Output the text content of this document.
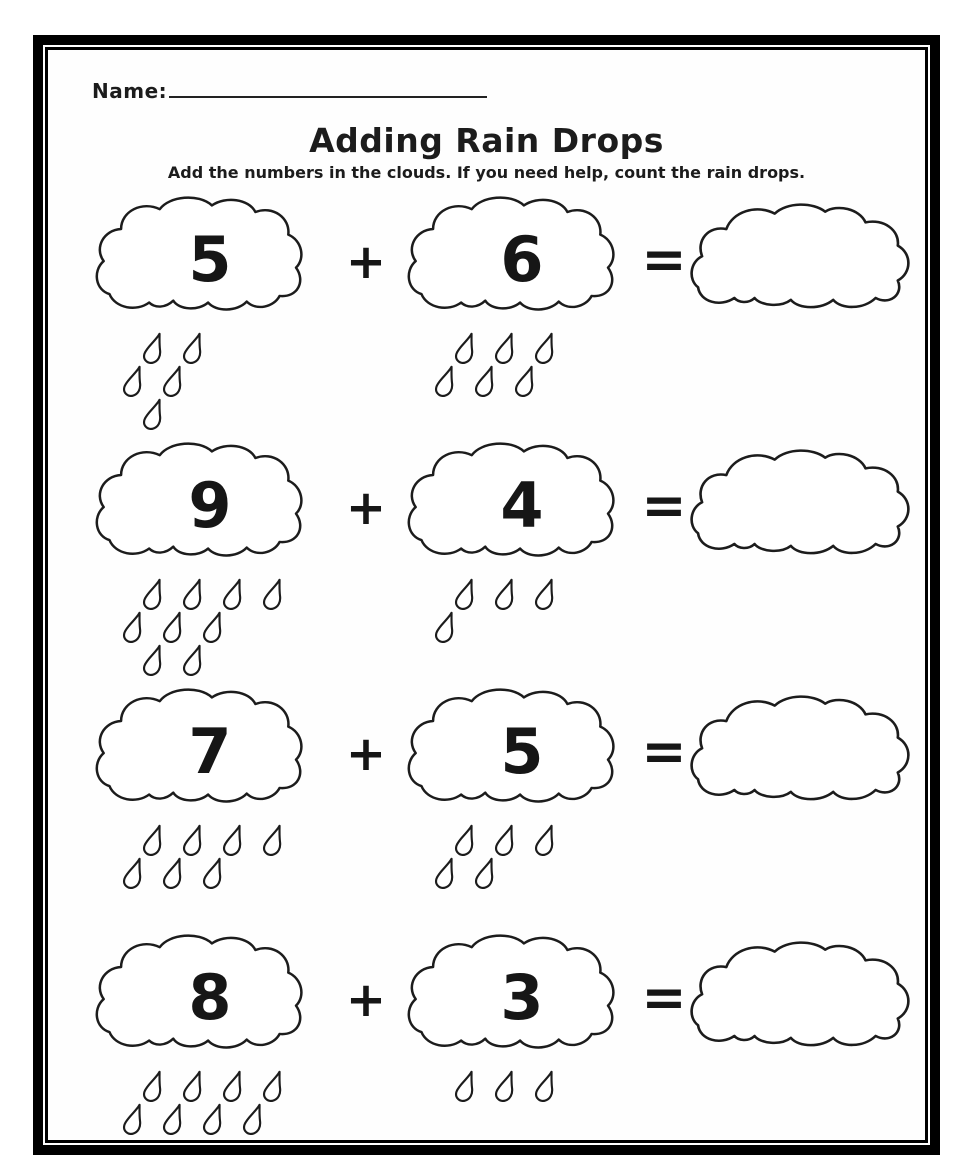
Name:
Adding Rain Drops
Add the numbers in the clouds. If you need help, count the rain drops.
5	+	6	=
9	+	4	=
7	+	5	=
8	+	3	=
